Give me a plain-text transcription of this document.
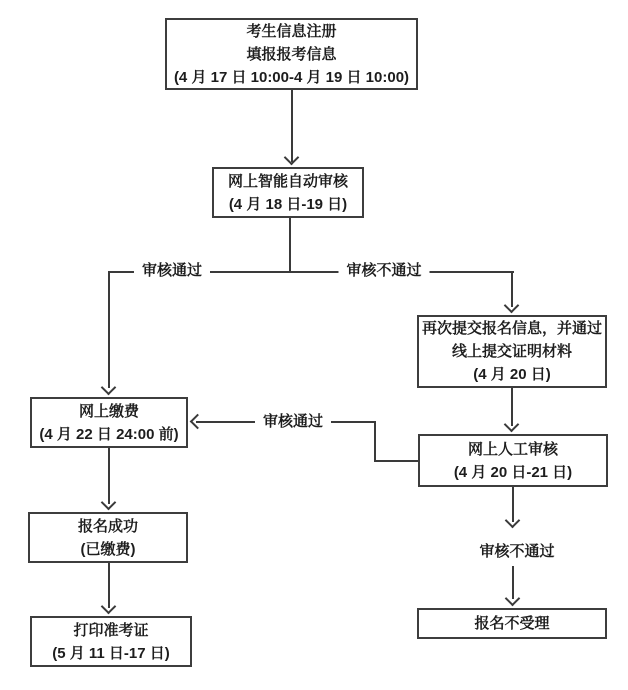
考生信息注册
填报报考信息
(4 月 17 日 10:00-4 月 19 日 10:00)
网上智能自动审核
(4 月 18 日-19 日)
再次提交报名信息，并通过
线上提交证明材料
(4 月 20 日)
网上人工审核
(4 月 20 日-21 日)
网上缴费
(4 月 22 日 24:00 前)
报名成功
(已缴费)
打印准考证
(5 月 11 日-17 日)
报名不受理
审核通过	审核不通过
审核通过
审核不通过
